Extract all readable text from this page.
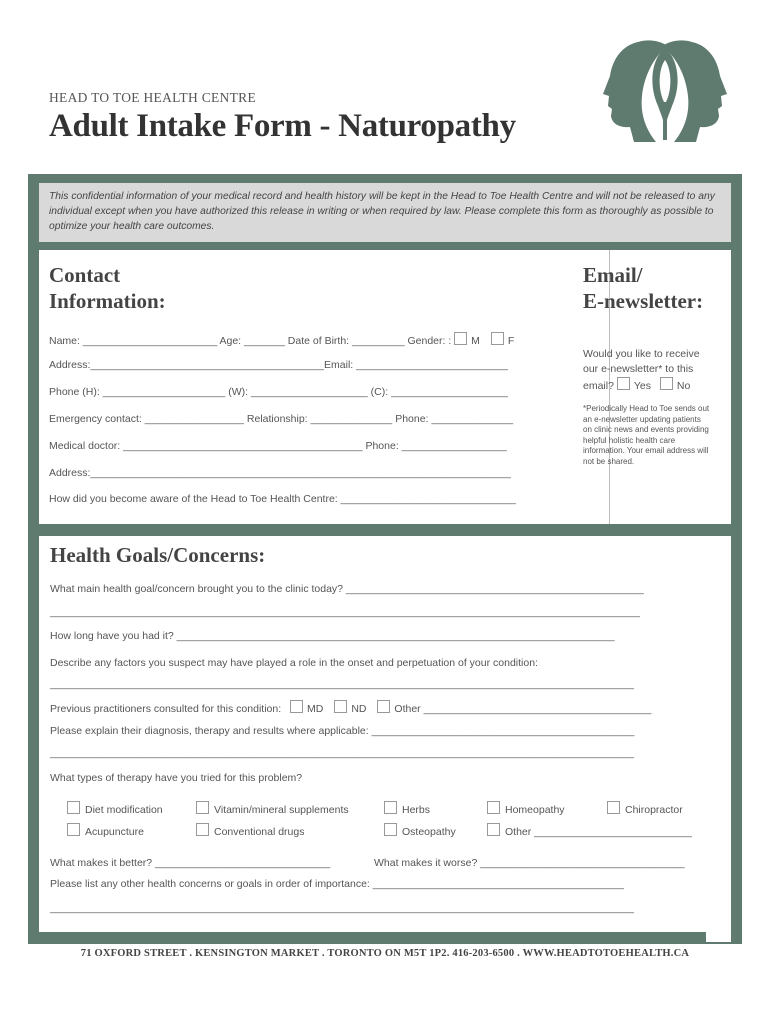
HEAD TO TOE HEALTH CENTRE
Adult Intake Form - Naturopathy

This confidential information of your medical record and health history will be kept in the Head to Toe Health Centre and will not be released to any individual except when you have authorized this release in writing or when required by law. Please complete this form as thoroughly as possible to optimize your health care outcomes.

Contact
Information:
Name: _______________________ Age: _______ Date of Birth: _________ Gender: : M	F
Address:________________________________________Email: __________________________
Phone (H): _____________________ (W): ____________________ (C): ____________________
Emergency contact: _________________ Relationship: ______________ Phone: ______________
Medical doctor: _________________________________________ Phone: __________________
Address:________________________________________________________________________
How did you become aware of the Head to Toe Health Centre: ______________________________
Email/
E-newsletter:
Would you like to receive
our e-newsletter* to this
email? Yes No
*Periodically Head to Toe sends out an e-newsletter updating patients on clinic news and events providing helpful holistic health care information. Your email address will not be shared.
Health Goals/Concerns:
What main health goal/concern brought you to the clinic today? ___________________________________________________
_____________________________________________________________________________________________________
How long have you had it? ___________________________________________________________________________
Describe any factors you suspect may have played a role in the onset and perpetuation of your condition:
____________________________________________________________________________________________________
Previous practitioners consulted for this condition: MD	ND	Other _______________________________________
Please explain their diagnosis, therapy and results where applicable: _____________________________________________
____________________________________________________________________________________________________
What types of therapy have you tried for this problem?
Diet modification	Vitamin/mineral supplements	Herbs	Homeopathy	Chiropractor
Acupuncture	Conventional drugs	Osteopathy	Other ___________________________
What makes it better? ______________________________	What makes it worse? ___________________________________
Please list any other health concerns or goals in order of importance: ___________________________________________
____________________________________________________________________________________________________
71 OXFORD STREET . KENSINGTON MARKET . TORONTO ON M5T 1P2. 416-203-6500 . WWW.HEADTOTOEHEALTH.CA
